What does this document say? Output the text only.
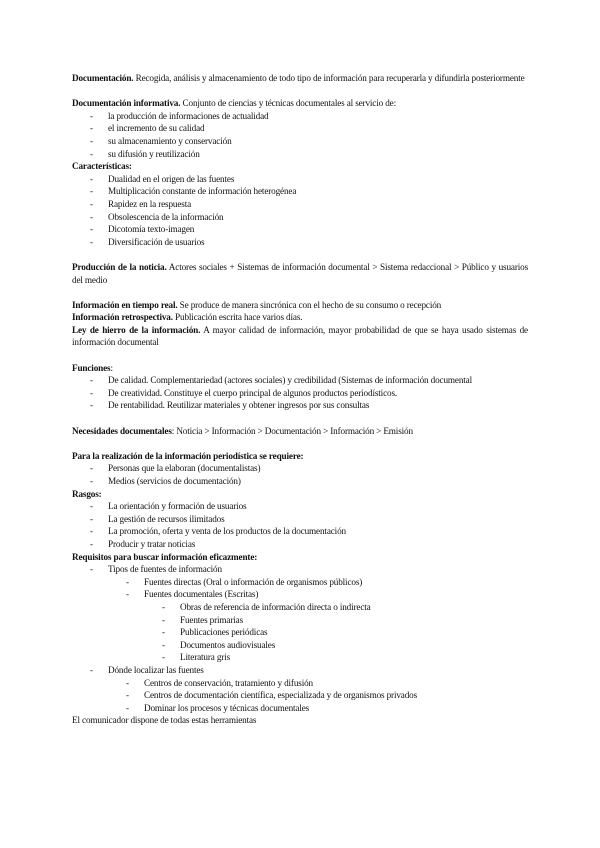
Documentación. Recogida, análisis y almacenamiento de todo tipo de información para recuperarla y difundirla posteriormente

Documentación informativa. Conjunto de ciencias y técnicas documentales al servicio de:

- la producción de informaciones de actualidad
- el incremento de su calidad
- su almacenamiento y conservación
- su difusión y reutilización

Características:

- Dualidad en el origen de las fuentes
- Multiplicación constante de información heterogénea
- Rapidez en la respuesta
- Obsolescencia de la información
- Dicotomía texto-imagen
- Diversificación de usuarios

Producción de la noticia. Actores sociales + Sistemas de información documental > Sistema redaccional > Público y usuarios del medio

Información en tiempo real. Se produce de manera sincrónica con el hecho de su consumo o recepción

Información retrospectiva. Publicación escrita hace varios días.

Ley de hierro de la información. A mayor calidad de información, mayor probabilidad de que se haya usado sistemas de información documental

Funciones:

- De calidad. Complementariedad (actores sociales) y credibilidad (Sistemas de información documental
- De creatividad. Constituye el cuerpo principal de algunos productos periodísticos.
- De rentabilidad. Reutilizar materiales y obtener ingresos por sus consultas

Necesidades documentales: Noticia > Información > Documentación > Información > Emisión

Para la realización de la información periodística se requiere:

- Personas que la elaboran (documentalistas)
- Medios (servicios de documentación)

Rasgos:

- La orientación y formación de usuarios
- La gestión de recursos ilimitados
- La promoción, oferta y venta de los productos de la documentación
- Producir y tratar noticias

Requisitos para buscar información eficazmente:

- Tipos de fuentes de información
- Fuentes directas (Oral o información de organismos públicos)
- Fuentes documentales (Escritas)
- Obras de referencia de información directa o indirecta
- Fuentes primarias
- Publicaciones periódicas
- Documentos audiovisuales
- Literatura gris
- Dónde localizar las fuentes
- Centros de conservación, tratamiento y difusión
- Centros de documentación científica, especializada y de organismos privados
- Dominar los procesos y técnicas documentales

El comunicador dispone de todas estas herramientas
